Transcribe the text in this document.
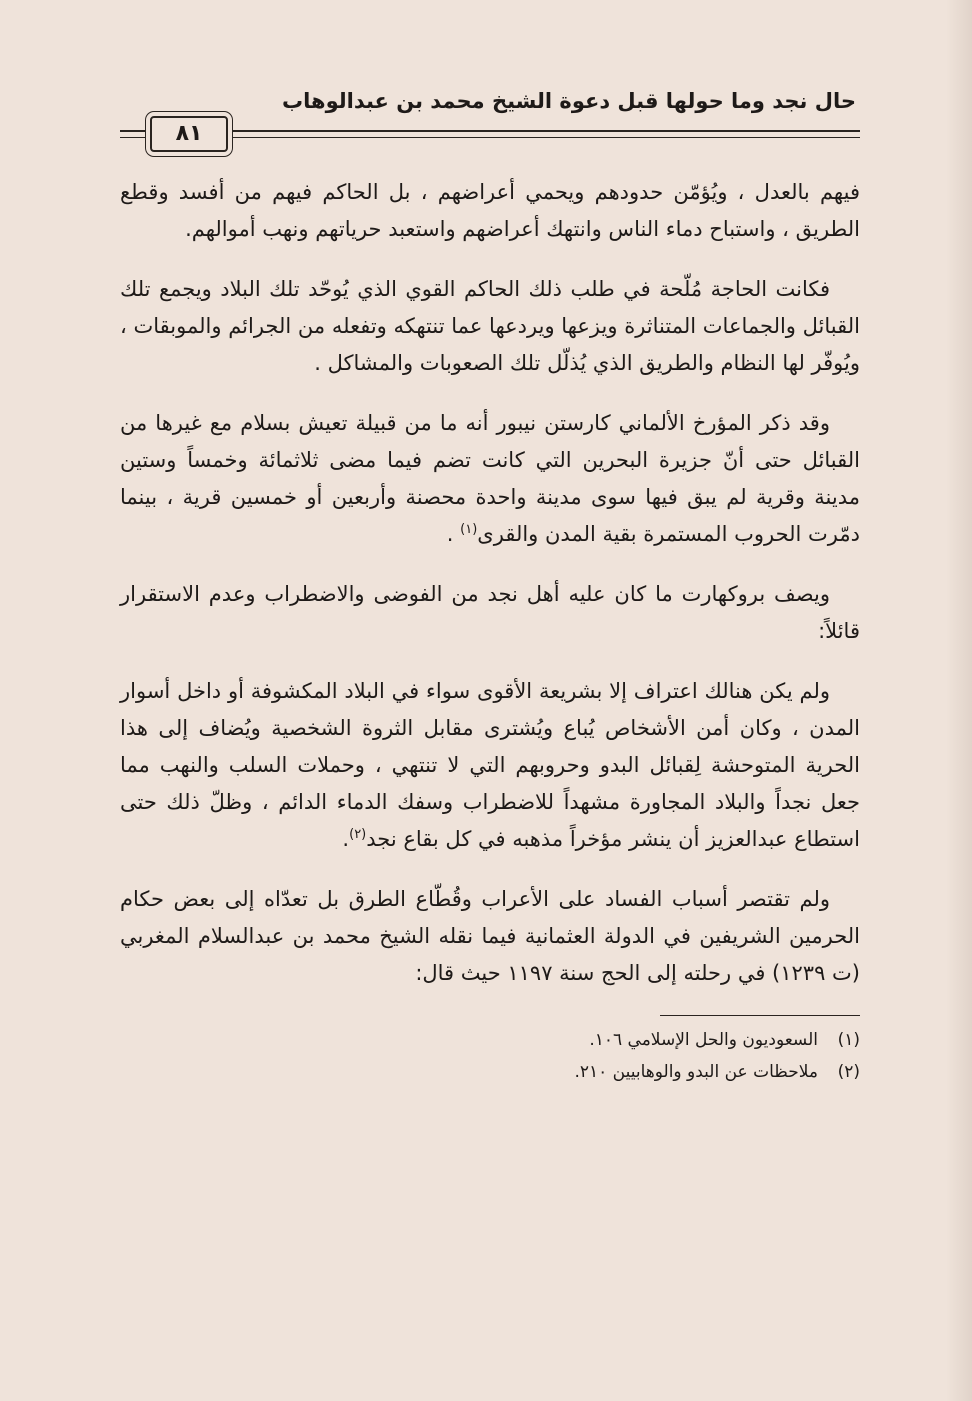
حال نجد وما حولها قبل دعوة الشيخ محمد بن عبدالوهاب
٨١

فيهم بالعدل ، ويُؤمّن حدودهم ويحمي أعراضهم ، بل الحاكم فيهم من أفسد وقطع الطريق ، واستباح دماء الناس وانتهك أعراضهم واستعبد حرياتهم ونهب أموالهم.

فكانت الحاجة مُلّحة في طلب ذلك الحاكم القوي الذي يُوحّد تلك البلاد ويجمع تلك القبائل والجماعات المتناثرة ويزعها ويردعها عما تنتهكه وتفعله من الجرائم والموبقات ، ويُوفّر لها النظام والطريق الذي يُذلّل تلك الصعوبات والمشاكل .

وقد ذكر المؤرخ الألماني كارستن نيبور أنه ما من قبيلة تعيش بسلام مع غيرها من القبائل حتى أنّ جزيرة البحرين التي كانت تضم فيما مضى ثلاثمائة وخمساً وستين مدينة وقرية لم يبق فيها سوى مدينة واحدة محصنة وأربعين أو خمسين قرية ، بينما دمّرت الحروب المستمرة بقية المدن والقرى$^{(١)}$ .

ويصف بروكهارت ما كان عليه أهل نجد من الفوضى والاضطراب وعدم الاستقرار قائلاً:

ولم يكن هنالك اعتراف إلا بشريعة الأقوى سواء في البلاد المكشوفة أو داخل أسوار المدن ، وكان أمن الأشخاص يُباع ويُشترى مقابل الثروة الشخصية ويُضاف إلى هذا الحرية المتوحشة لِقبائل البدو وحروبهم التي لا تنتهي ، وحملات السلب والنهب مما جعل نجداً والبلاد المجاورة مشهداً للاضطراب وسفك الدماء الدائم ، وظلّ ذلك حتى استطاع عبدالعزيز أن ينشر مؤخراً مذهبه في كل بقاع نجد$^{(٢)}$.

ولم تقتصر أسباب الفساد على الأعراب وقُطّاع الطرق بل تعدّاه إلى بعض حكام الحرمين الشريفين في الدولة العثمانية فيما نقله الشيخ محمد بن عبدالسلام المغربي (ت ١٢٣٩) في رحلته إلى الحج سنة ١١٩٧ حيث قال:

(١)
السعوديون والحل الإسلامي ١٠٦.
(٢)
ملاحظات عن البدو والوهابيين ٢١٠.
